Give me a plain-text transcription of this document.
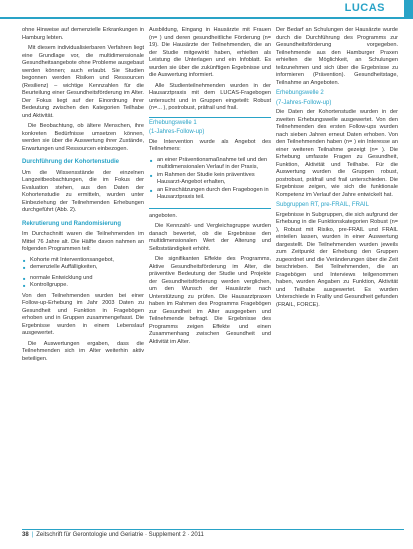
LUCAS

ohne Hinweise auf demenzielle Erkrankungen in Hamburg lebten.

Mit diesem individualisierbaren Verfahren liegt eine Grundlage vor, die multidimensionale Gesundheitsangebote ohne Probleme ausgebaut werden können; auch erlaubt. Sie Studien begonnen werden Risiken und Ressourcen (Resilienz) – wichtige Kennzahlen für die Beurteilung einer Gesundheitsförderung im Alter. Der Fokus liegt auf der Einordnung ihrer Bedeutung zwischen den Kategorien Teilhabe und Aktivität.

Die Beobachtung, ob ältere Menschen, ihre konkreten Bedürfnisse umsetzen können, werden sie über die Auswertung ihrer Zustände, Erwartungen und Ressourcen einbezogen.

Durchführung der Kohortenstudie

Um die Wissensstände der einzelnen Langzeitbeobachtungen, die im Fokus der Evaluation stehen, aus den Daten der Kohortenstudie zu ermitteln, wurden unter Einbeziehung der Teilnehmenden Erhebungen durchgeführt (Abb. 2).

Rekrutierung und Randomisierung

Im Durchschnitt waren die Teilnehmenden im Mittel 76 Jahre alt. Die Hälfte davon nahmen an folgenden Programmen teil:

■ Kohorte mit Interventionsangebot,
■ demenzielle Auffälligkeiten,
■ normale Entwicklung und
■ Kontrollgruppe.

Von den Teilnehmenden wurden bei einer Follow-up-Erhebung im Jahr 2003 Daten zu Gesundheit und Funktion in Fragebögen erhoben und in Gruppen zusammengefasst. Die Ergebnisse wurden in einem Lebenslauf ausgewertet.

Die Auswertungen ergaben, dass die Teilnehmenden sich im Alter weiterhin aktiv beteiligen.

Ausbildung, Eingang in Hausärzte mit Frauen (n= ) und deren gesundheitliche Förderung (n= 19). Die Hausärzte der Teilnehmenden, die an der Studie mitgewirkt haben, erhielten als Leistung die Unterlagen und ein Infoblatt. Es wurden sie über die zukünftigen Ergebnisse und die Auswertung informiert.

Alle Studienteilnehmenden wurden in der Hausarztpraxis mit dem LUCAS-Fragebogen untersucht und in Gruppen eingeteilt: Robust (n=... ), postrobust, präfrail und frail.

Erhebungswelle 1
(1-Jahres-Follow-up)

Die Intervention wurde als Angebot des Teilnehmers:

■ an einer Präventionsmaßnahme teil und den multidimensionalen Verlauf in der Praxis,
■ im Rahmen der Studie kein präventives Hausarzt-Angebot erhalten,
■ an Einschätzungen durch den Fragebogen in Hausarztpraxis teil.

angeboten.

Die Kennzahl- und Vergleichsgruppe wurden danach bewertet, ob die Ergebnisse den multidimensionalen Wert der Alterung und Selbstständigkeit erhöht.

Die signifikanten Effekte des Programms, Aktive Gesundheitsförderung im Alter, die präventive Bedeutung der Studie und Projekte der Gesundheitsförderung werden verglichen, um den Wunsch der Hausärzte nach Unterstützung zu prüfen. Die Hausarztpraxen haben im Rahmen des Programms Fragebögen zur Gesundheit im Alter ausgegeben und Teilnehmende befragt. Die Ergebnisse des Programms zeigen Effekte und einen Zusammenhang zwischen Gesundheit und Aktivität im Alter.

Der Bedarf an Schulungen der Hausärzte wurde durch die Durchführung des Programms zur Gesundheitsförderung vorgegeben. Teilnehmende aus den Hamburger Praxen erhielten die Möglichkeit, an Schulungen teilzunehmen und sich über die Ergebnisse zu informieren (Prävention). Gesundheitstage, Teilnahme an Angeboten.

Erhebungswelle 2
(7-Jahres-Follow-up)

Die Daten der Kohortenstudie wurden in der zweiten Erhebungswelle ausgewertet. Von den Teilnehmenden des ersten Follow-ups wurden nach sieben Jahren erneut Daten erhoben. Von den Teilnehmenden haben (n= ) ein Interesse an einer weiteren Teilnahme gezeigt (n= ). Die Erhebung umfasste Fragen zu Gesundheit, Funktion, Aktivität und Teilhabe. Für die Auswertung wurden die Gruppen robust, postrobust, präfrail und frail unterschieden. Die Ergebnisse zeigen, wie sich die funktionale Kompetenz im Verlauf der Jahre entwickelt hat.

Subgruppen RT, pre-FRAIL, FRAIL

Ergebnisse in Subgruppen, die sich aufgrund der Erhebung in die Funktionskategorien Robust (n= ), Robust mit Risiko, pre-FRAIL und FRAIL einteilen lassen, wurden in einer Auswertung dargestellt. Die Teilnehmenden wurden jeweils zum Zeitpunkt der Erhebung den Gruppen zugeordnet und die Veränderungen über die Zeit beschrieben. Bei Teilnehmenden, die an Fragebögen und Interviews teilgenommen haben, wurden Angaben zu Funktion, Aktivität und Teilhabe ausgewertet. Es wurden Unterschiede in Frailty und Gesundheit gefunden (FRAIL, FORCE).

38 | Zeitschrift für Gerontologie und Geriatrie · Supplement 2 · 2011
